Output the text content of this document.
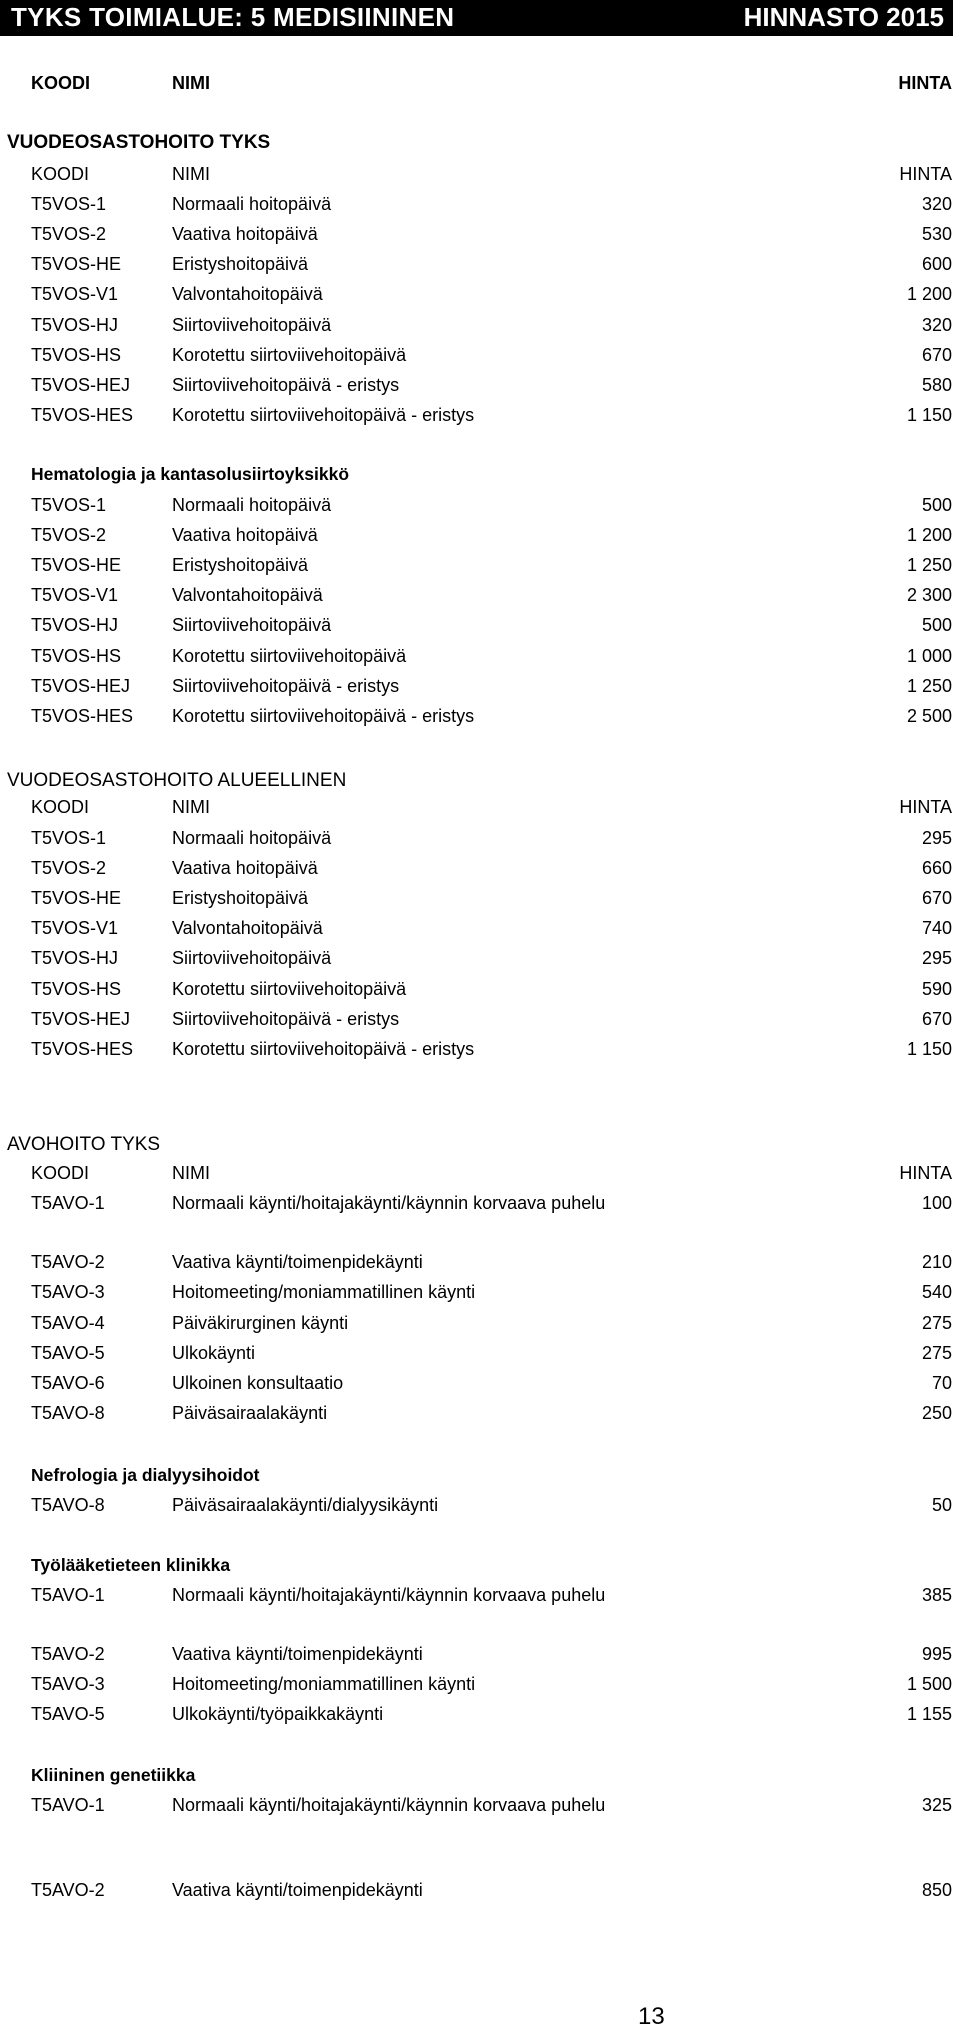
TYKS TOIMIALUE: 5 MEDISIININEN	HINNASTO 2015
KOODI	NIMI	HINTA
VUODEOSASTOHOITO TYKS
KOODI	NIMI	HINTA
T5VOS-1	Normaali hoitopäivä	320
T5VOS-2	Vaativa hoitopäivä	530
T5VOS-HE	Eristyshoitopäivä	600
T5VOS-V1	Valvontahoitopäivä	1 200
T5VOS-HJ	Siirtoviivehoitopäivä	320
T5VOS-HS	Korotettu siirtoviivehoitopäivä	670
T5VOS-HEJ Siirtoviivehoitopäivä - eristys	580
T5VOS-HES Korotettu siirtoviivehoitopäivä - eristys	1 150
Hematologia ja kantasolusiirtoyksikkö
T5VOS-1	Normaali hoitopäivä	500
T5VOS-2	Vaativa hoitopäivä	1 200
T5VOS-HE	Eristyshoitopäivä	1 250
T5VOS-V1	Valvontahoitopäivä	2 300
T5VOS-HJ	Siirtoviivehoitopäivä	500
T5VOS-HS	Korotettu siirtoviivehoitopäivä	1 000
T5VOS-HEJ Siirtoviivehoitopäivä - eristys	1 250
T5VOS-HES Korotettu siirtoviivehoitopäivä - eristys	2 500
VUODEOSASTOHOITO ALUEELLINEN
KOODI	NIMI	HINTA
T5VOS-1	Normaali hoitopäivä	295
T5VOS-2	Vaativa hoitopäivä	660
T5VOS-HE	Eristyshoitopäivä	670
T5VOS-V1	Valvontahoitopäivä	740
T5VOS-HJ	Siirtoviivehoitopäivä	295
T5VOS-HS	Korotettu siirtoviivehoitopäivä	590
T5VOS-HEJ Siirtoviivehoitopäivä - eristys	670
T5VOS-HES Korotettu siirtoviivehoitopäivä - eristys	1 150
AVOHOITO TYKS
KOODI	NIMI	HINTA
T5AVO-1	Normaali käynti/hoitajakäynti/käynnin korvaava puhelu	100
T5AVO-2	Vaativa käynti/toimenpidekäynti	210
T5AVO-3	Hoitomeeting/moniammatillinen käynti	540
T5AVO-4	Päiväkirurginen käynti	275
T5AVO-5	Ulkokäynti	275
T5AVO-6	Ulkoinen konsultaatio	70
T5AVO-8	Päiväsairaalakäynti	250
Nefrologia ja dialyysihoidot
T5AVO-8	Päiväsairaalakäynti/dialyysikäynti	50
Työlääketieteen klinikka
T5AVO-1	Normaali käynti/hoitajakäynti/käynnin korvaava puhelu	385
T5AVO-2	Vaativa käynti/toimenpidekäynti	995
T5AVO-3	Hoitomeeting/moniammatillinen käynti	1 500
T5AVO-5	Ulkokäynti/työpaikkakäynti	1 155
Kliininen genetiikka
T5AVO-1	Normaali käynti/hoitajakäynti/käynnin korvaava puhelu	325
T5AVO-2	Vaativa käynti/toimenpidekäynti	850
13
